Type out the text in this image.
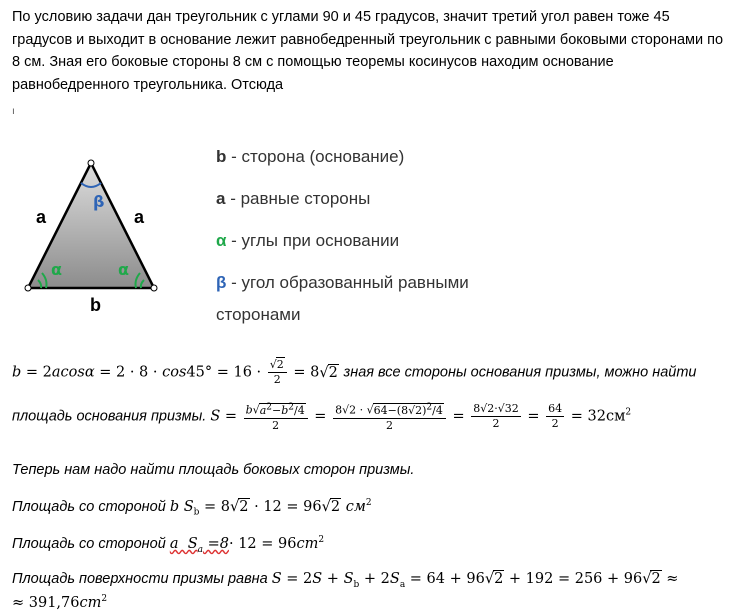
По условию задачи дан треугольник с углами 90 и 45 градусов, значит третий угол равен тоже 45 градусов и выходит в основание лежит равнобедренный треугольник с равными боковыми сторонами по 8 см. Зная его боковые стороны 8 см с помощью теоремы косинусов находим основание равнобедренного треугольника. Отсюда

ı
a	a
b
β
α	α
b - сторона (основание)
a - равные стороны
α - углы при основании
β - угол образованный равными
сторонами
$b = 2acos\alpha = 2 \cdot 8 \cdot \cos 45^\circ = 16 \cdot \frac{√2}{2} = 8√2$ зная все стороны основания призмы, можно найти
площадь основания призмы. $S = \frac{b√a^2-b^2/4}{2} = \frac{8√2 \cdot √64-(8√2)^2/4}{2} = \frac{8√2\cdot√32}{2} = \frac{64}{2} = 32см^2$
Теперь нам надо найти площадь боковых сторон призмы.
Площадь со стороной b $S_b = 8√2 \cdot 12 = 96√2$ $см^2$
Площадь со стороной a  $S_a =8\cdot 12 = 96cm^2$
Площадь поверхности призмы равна $S = 2S + S_b + 2S_a = 64 + 96√2 + 192 = 256 + 96√2$ ≈
≈ $391,76cm^2$
